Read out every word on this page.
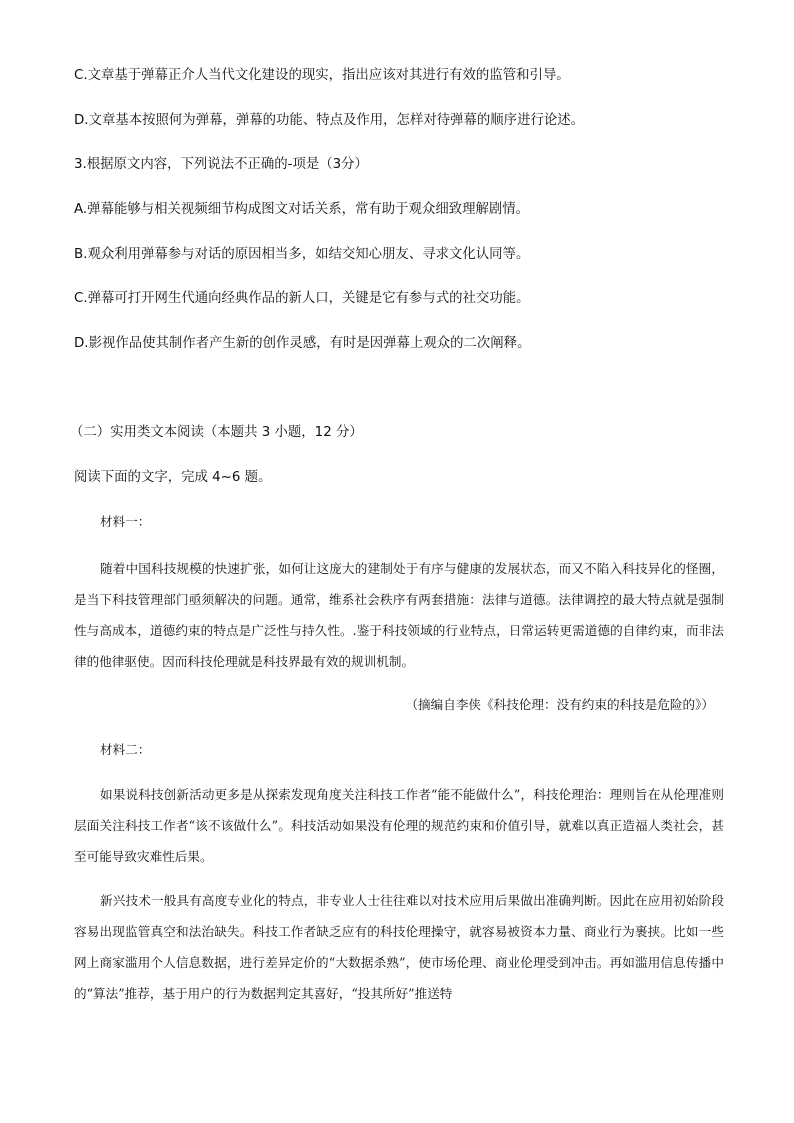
C.文章基于弹幕正介人当代文化建设的现实，指出应该对其进行有效的监管和引导。
D.文章基本按照何为弹幕，弹幕的功能、特点及作用，怎样对待弹幕的顺序进行论述。
3.根据原文内容，下列说法不正确的-项是（3分）
A.弹幕能够与相关视频细节构成图文对话关系，常有助于观众细致理解剧情。
B.观众利用弹幕参与对话的原因相当多，如结交知心朋友、寻求文化认同等。
C.弹幕可打开网生代通向经典作品的新人口，关键是它有参与式的社交功能。
D.影视作品使其制作者产生新的创作灵感，有时是因弹幕上观众的二次阐释。
（二）实用类文本阅读（本题共 3 小题，12 分）
阅读下面的文字，完成 4~6 题。
材料一：
随着中国科技规模的快速扩张，如何让这庞大的建制处于有序与健康的发展状态，而又不陷入科技异化的怪圈，是当下科技管理部门亟须解决的问题。通常，维系社会秩序有两套措施：法律与道德。法律调控的最大特点就是强制性与高成本，道德约束的特点是广泛性与持久性。.鉴于科技领域的行业特点，日常运转更需道德的自律约束，而非法律的他律驱使。因而科技伦理就是科技界最有效的规训机制。
（摘编自李侠《科技伦理：没有约束的科技是危险的》）
材料二：
如果说科技创新活动更多是从探索发现角度关注科技工作者“能不能做什么”，科技伦理治：理则旨在从伦理准则层面关注科技工作者“该不该做什么”。科技活动如果没有伦理的规范约束和价值引导，就难以真正造福人类社会，甚至可能导致灾难性后果。
新兴技术一般具有高度专业化的特点，非专业人士往往难以对技术应用后果做出准确判断。因此在应用初始阶段容易出现监管真空和法治缺失。科技工作者缺乏应有的科技伦理操守，就容易被资本力量、商业行为裹挟。比如一些网上商家滥用个人信息数据，进行差异定价的“大数据杀熟”，使市场伦理、商业伦理受到冲击。再如滥用信息传播中的“算法”推荐，基于用户的行为数据判定其喜好，“投其所好”推送特
